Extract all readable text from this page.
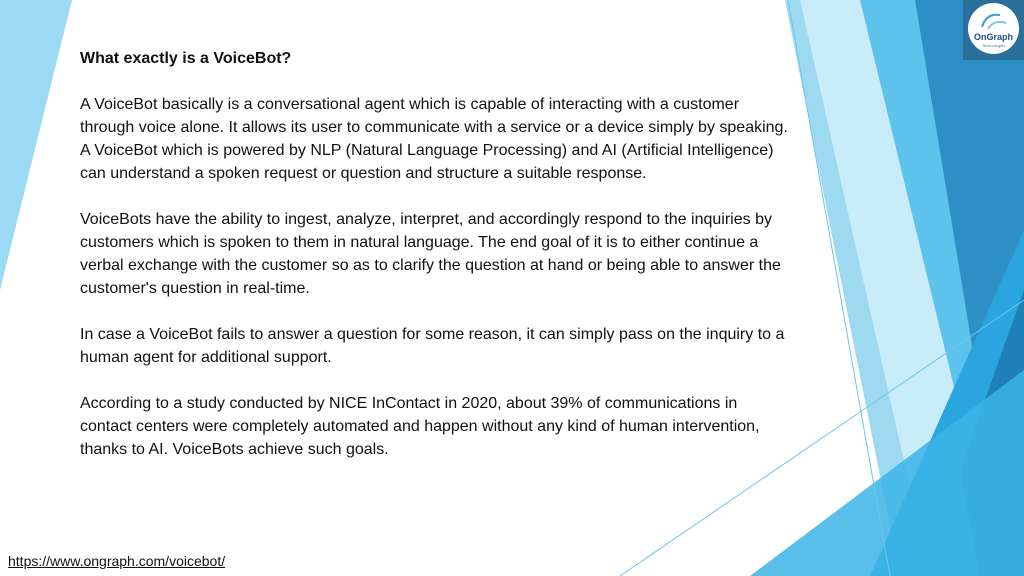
OnGraph
Technologies

What exactly is a VoiceBot?

A VoiceBot basically is a conversational agent which is capable of interacting with a customer through voice alone. It allows its user to communicate with a service or a device simply by speaking. A VoiceBot which is powered by NLP (Natural Language Processing) and AI (Artificial Intelligence) can understand a spoken request or question and structure a suitable response.

VoiceBots have the ability to ingest, analyze, interpret, and accordingly respond to the inquiries by customers which is spoken to them in natural language. The end goal of it is to either continue a verbal exchange with the customer so as to clarify the question at hand or being able to answer the customer's question in real-time.

In case a VoiceBot fails to answer a question for some reason, it can simply pass on the inquiry to a human agent for additional support.

According to a study conducted by NICE InContact in 2020, about 39% of communications in contact centers were completely automated and happen without any kind of human intervention, thanks to AI. VoiceBots achieve such goals.

https://www.ongraph.com/voicebot/
